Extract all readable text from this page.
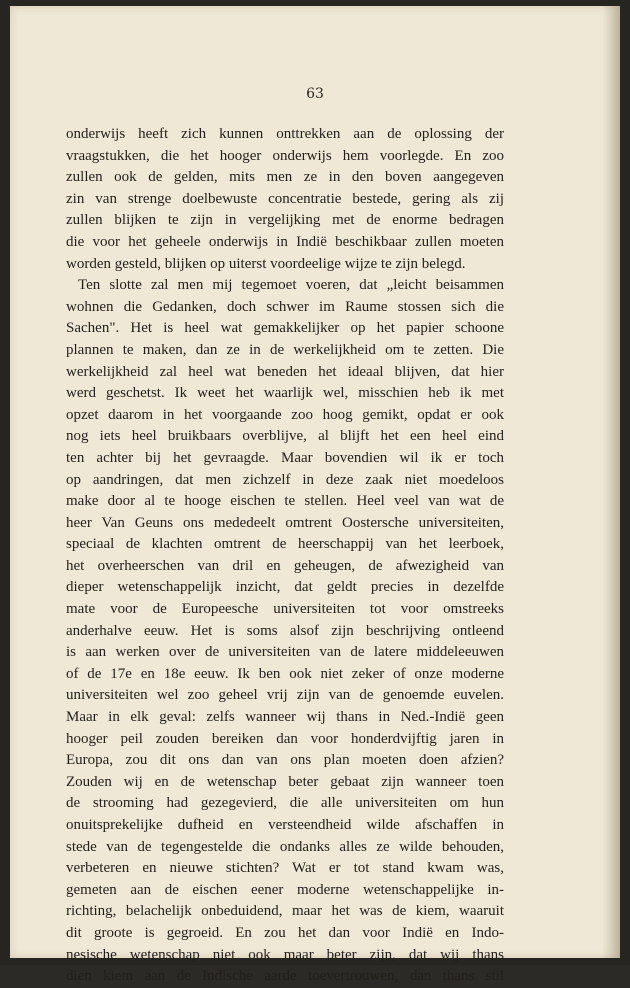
63
onderwijs heeft zich kunnen onttrekken aan de oplossing der
vraagstukken, die het hooger onderwijs hem voorlegde. En zoo
zullen ook de gelden, mits men ze in den boven aangegeven
zin van strenge doelbewuste concentratie bestede, gering als zij
zullen blijken te zijn in vergelijking met de enorme bedragen
die voor het geheele onderwijs in Indië beschikbaar zullen moeten
worden gesteld, blijken op uiterst voordeelige wijze te zijn belegd.
Ten slotte zal men mij tegemoet voeren, dat „leicht beisammen
wohnen die Gedanken, doch schwer im Raume stossen sich die
Sachen". Het is heel wat gemakkelijker op het papier schoone
plannen te maken, dan ze in de werkelijkheid om te zetten. Die
werkelijkheid zal heel wat beneden het ideaal blijven, dat hier
werd geschetst. Ik weet het waarlijk wel, misschien heb ik met
opzet daarom in het voorgaande zoo hoog gemikt, opdat er ook
nog iets heel bruikbaars overblijve, al blijft het een heel eind
ten achter bij het gevraagde. Maar bovendien wil ik er toch
op aandringen, dat men zichzelf in deze zaak niet moedeloos
make door al te hooge eischen te stellen. Heel veel van wat de
heer Van Geuns ons mededeelt omtrent Oostersche universiteiten,
speciaal de klachten omtrent de heerschappij van het leerboek,
het overheerschen van dril en geheugen, de afwezigheid van
dieper wetenschappelijk inzicht, dat geldt precies in dezelfde
mate voor de Europeesche universiteiten tot voor omstreeks
anderhalve eeuw. Het is soms alsof zijn beschrijving ontleend
is aan werken over de universiteiten van de latere middeleeuwen
of de 17e en 18e eeuw. Ik ben ook niet zeker of onze moderne
universiteiten wel zoo geheel vrij zijn van de genoemde euvelen.
Maar in elk geval: zelfs wanneer wij thans in Ned.-Indië geen
hooger peil zouden bereiken dan voor honderdvijftig jaren in
Europa, zou dit ons dan van ons plan moeten doen afzien?
Zouden wij en de wetenschap beter gebaat zijn wanneer toen
de strooming had gezegevierd, die alle universiteiten om hun
onuitsprekelijke dufheid en versteendheid wilde afschaffen in
stede van de tegengestelde die ondanks alles ze wilde behouden,
verbeteren en nieuwe stichten? Wat er tot stand kwam was,
gemeten aan de eischen eener moderne wetenschappelijke in-
richting, belachelijk onbeduidend, maar het was de kiem, waaruit
dit groote is gegroeid. En zou het dan voor Indië en Indo-
nesische wetenschap niet ook maar beter zijn, dat wij thans
dien kiem aan de Indische aarde toevertrouwen, dan thans stil
